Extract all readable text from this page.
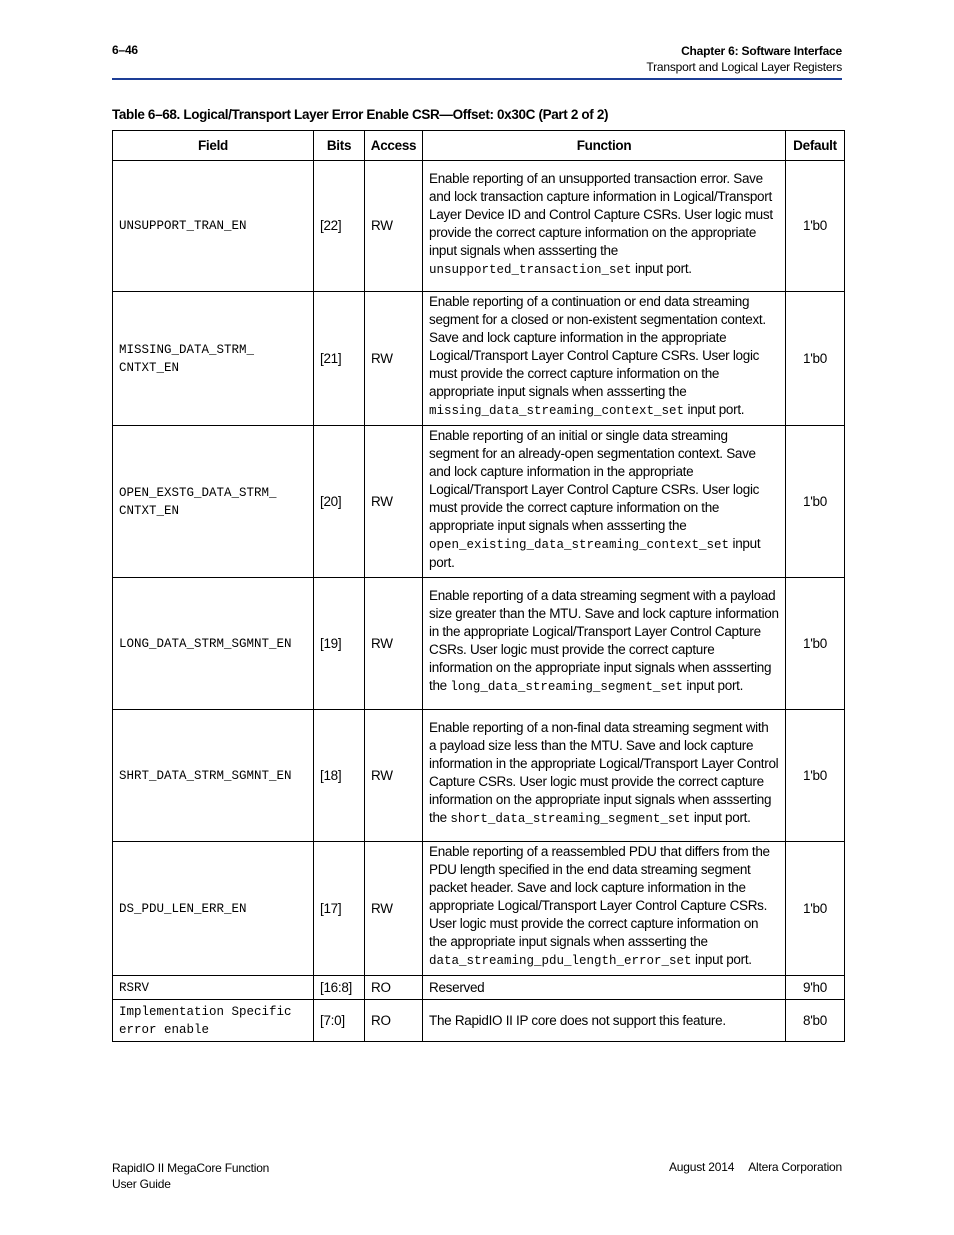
6–46	Chapter 6: Software Interface
Transport and Logical Layer Registers
Table 6–68. Logical/Transport Layer Error Enable CSR—Offset: 0x30C (Part 2 of 2)
Field	Bits	Access	Function	Default
UNSUPPORT_TRAN_EN	[22]	RW	Enable reporting of an unsupported transaction error. Save and lock transaction capture information in Logical/Transport Layer Device ID and Control Capture CSRs. User logic must provide the correct capture information on the appropriate input signals when assserting the unsupported_transaction_set input port.	1'b0
MISSING_DATA_STRM_ CNTXT_EN	[21]	RW	Enable reporting of a continuation or end data streaming segment for a closed or non-existent segmentation context. Save and lock capture information in the appropriate Logical/Transport Layer Control Capture CSRs. User logic must provide the correct capture information on the appropriate input signals when assserting the missing_data_streaming_context_set input port.	1'b0
OPEN_EXSTG_DATA_STRM_ CNTXT_EN	[20]	RW	Enable reporting of an initial or single data streaming segment for an already-open segmentation context. Save and lock capture information in the appropriate Logical/Transport Layer Control Capture CSRs. User logic must provide the correct capture information on the appropriate input signals when assserting the open_existing_data_streaming_context_set input port.	1'b0
LONG_DATA_STRM_SGMNT_EN	[19]	RW	Enable reporting of a data streaming segment with a payload size greater than the MTU. Save and lock capture information in the appropriate Logical/Transport Layer Control Capture CSRs. User logic must provide the correct capture information on the appropriate input signals when assserting the long_data_streaming_segment_set input port.	1'b0
SHRT_DATA_STRM_SGMNT_EN	[18]	RW	Enable reporting of a non-final data streaming segment with a payload size less than the MTU. Save and lock capture information in the appropriate Logical/Transport Layer Control Capture CSRs. User logic must provide the correct capture information on the appropriate input signals when assserting the short_data_streaming_segment_set input port.	1'b0
DS_PDU_LEN_ERR_EN	[17]	RW	Enable reporting of a reassembled PDU that differs from the PDU length specified in the end data streaming segment packet header. Save and lock capture information in the appropriate Logical/Transport Layer Control Capture CSRs. User logic must provide the correct capture information on the appropriate input signals when assserting the data_streaming_pdu_length_error_set input port.	1'b0
RSRV	[16:8]	RO	Reserved	9'h0
Implementation Specific error enable	[7:0]	RO	The RapidIO II IP core does not support this feature.	8'b0
RapidIO II MegaCore Function
User Guide
August 2014 Altera Corporation
